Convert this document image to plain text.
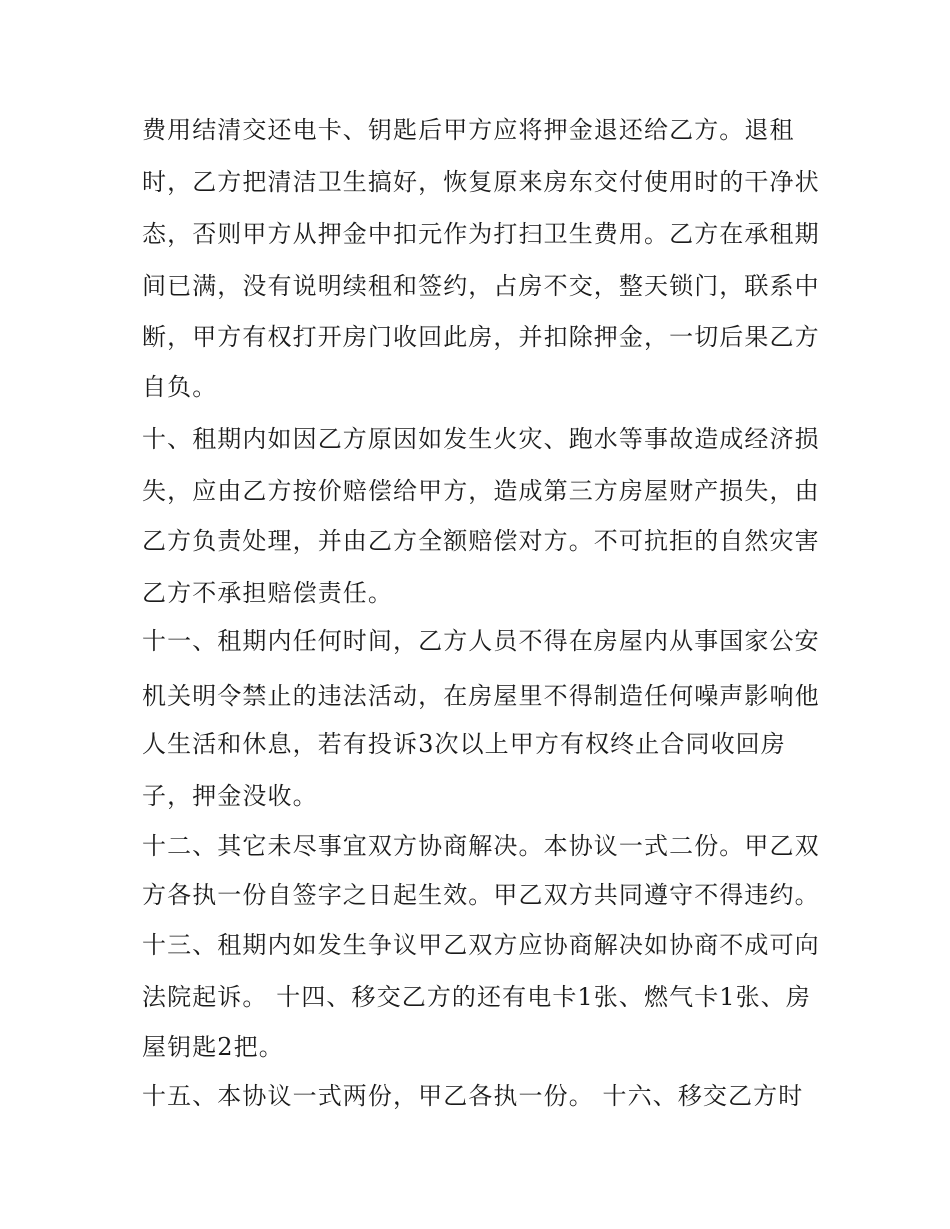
费用结清交还电卡、钥匙后甲方应将押金退还给乙方。退租

时，乙方把清洁卫生搞好，恢复原来房东交付使用时的干净状

态，否则甲方从押金中扣元作为打扫卫生费用。乙方在承租期

间已满，没有说明续租和签约，占房不交，整天锁门，联系中

断，甲方有权打开房门收回此房，并扣除押金，一切后果乙方

自负。

十、租期内如因乙方原因如发生火灾、跑水等事故造成经济损

失，应由乙方按价赔偿给甲方，造成第三方房屋财产损失，由

乙方负责处理，并由乙方全额赔偿对方。不可抗拒的自然灾害

乙方不承担赔偿责任。

十一、租期内任何时间，乙方人员不得在房屋内从事国家公安

机关明令禁止的违法活动，在房屋里不得制造任何噪声影响他

人生活和休息，若有投诉3次以上甲方有权终止合同收回房

子，押金没收。

十二、其它未尽事宜双方协商解决。本协议一式二份。甲乙双

方各执一份自签字之日起生效。甲乙双方共同遵守不得违约。

十三、租期内如发生争议甲乙双方应协商解决如协商不成可向

法院起诉。 十四、移交乙方的还有电卡1张、燃气卡1张、房

屋钥匙2把。

十五、本协议一式两份，甲乙各执一份。 十六、移交乙方时
